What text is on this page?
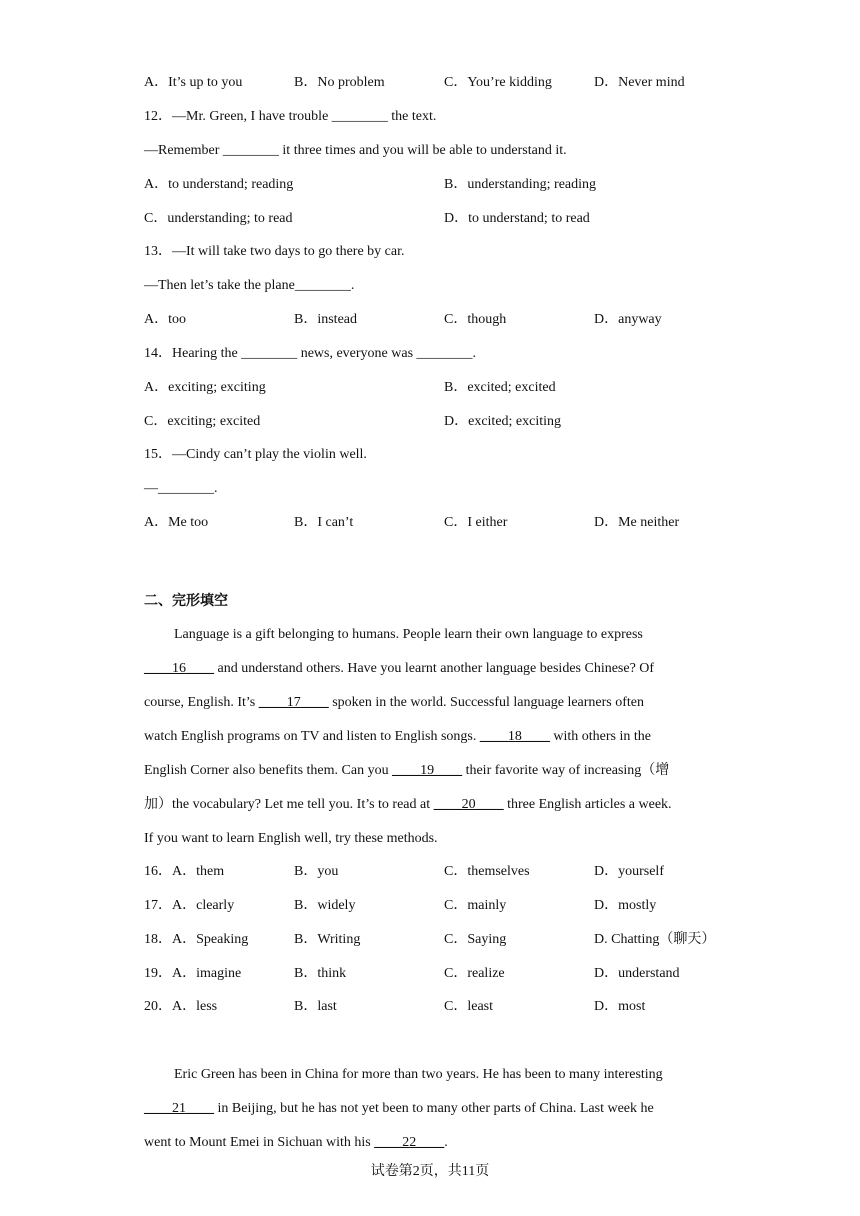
A．It’s up to you	B．No problem	C．You’re kidding	D．Never mind
12．—Mr. Green, I have trouble ________ the text.
—Remember ________ it three times and you will be able to understand it.
A．to understand; reading	B．understanding; reading
C．understanding; to read	D．to understand; to read
13．—It will take two days to go there by car.
—Then let’s take the plane________.
A．too	B．instead	C．though	D．anyway
14．Hearing the ________ news, everyone was ________.
A．exciting; exciting	B．excited; excited
C．exciting; excited	D．excited; exciting
15．—Cindy can’t play the violin well.
—________.
A．Me too	B．I can’t	C．I either	D．Me neither
二、完形填空
Language is a gift belonging to humans. People learn their own language to express
____16____ and understand others. Have you learnt another language besides Chinese? Of
course, English. It’s ____17____ spoken in the world. Successful language learners often
watch English programs on TV and listen to English songs. ____18____ with others in the
English Corner also benefits them. Can you ____19____ their favorite way of increasing（增
加）the vocabulary? Let me tell you. It’s to read at ____20____ three English articles a week.
If you want to learn English well, try these methods.
16．A．them	B．you	C．themselves	D．yourself
17．A．clearly	B．widely	C．mainly	D．mostly
18．A．Speaking	B．Writing	C．Saying	D. Chatting（聊天）
19．A．imagine	B．think	C．realize	D．understand
20．A．less	B．last	C．least	D．most
Eric Green has been in China for more than two years. He has been to many interesting
____21____ in Beijing, but he has not yet been to many other parts of China. Last week he
went to Mount Emei in Sichuan with his ____22____.
试卷第2页，共11页
